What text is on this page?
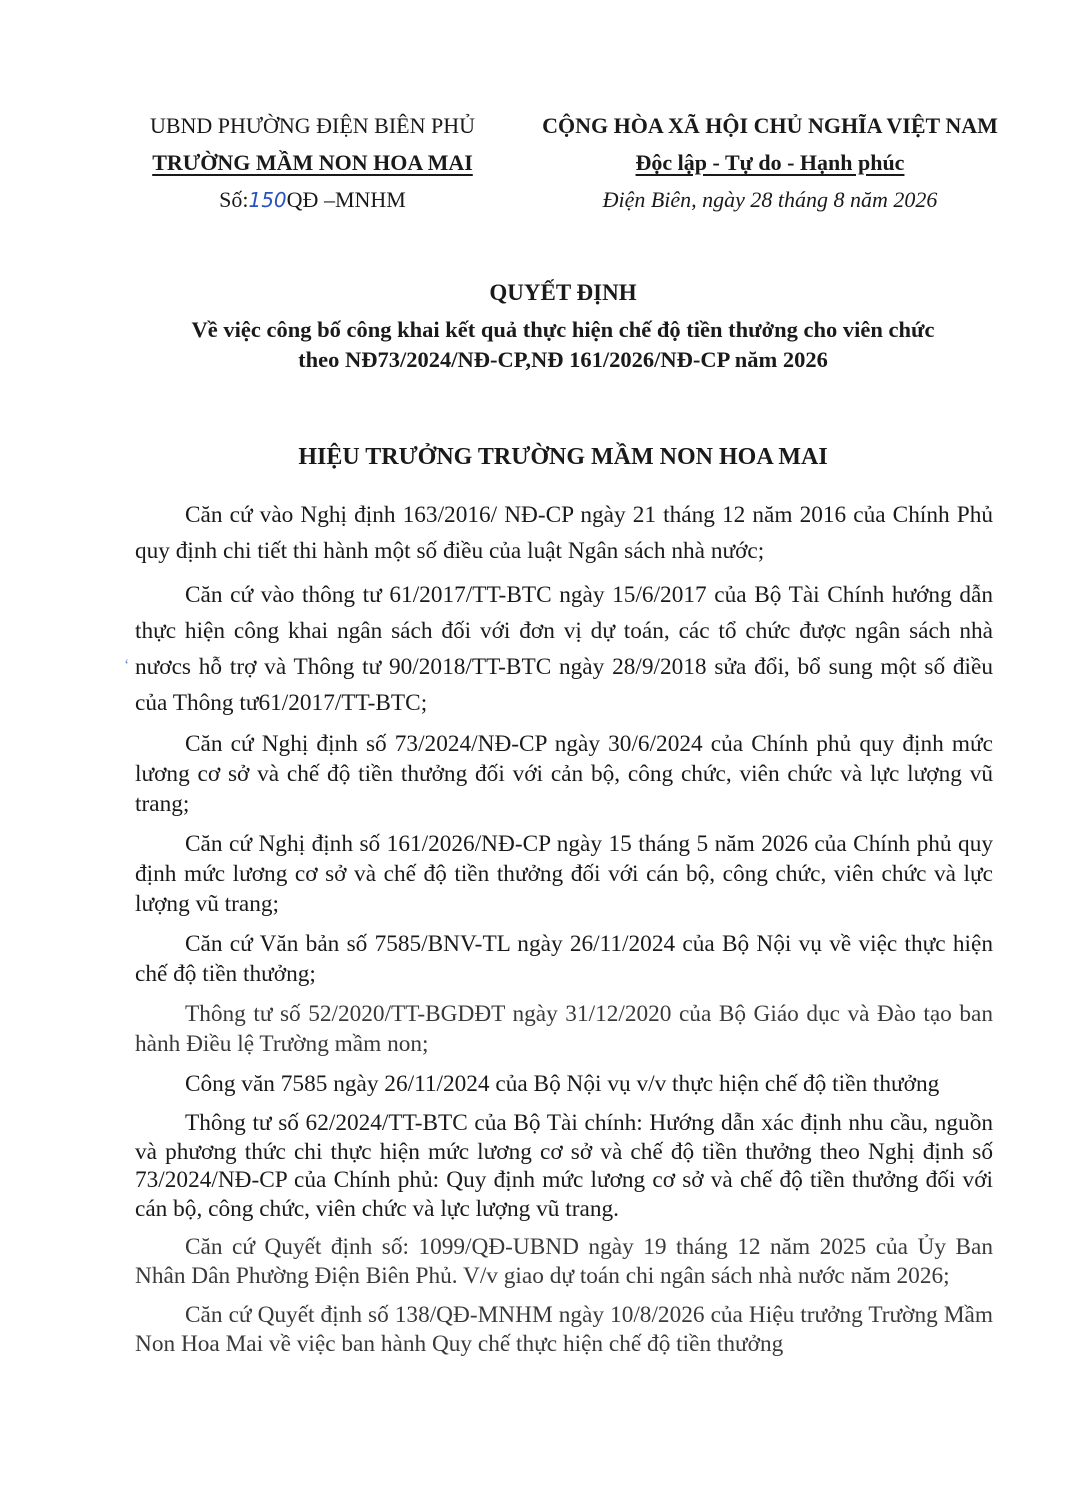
UBND PHƯỜNG ĐIỆN BIÊN PHỦ
TRƯỜNG MẦM NON HOA MAI
Số:150QĐ –MNHM
CỘNG HÒA XÃ HỘI CHỦ NGHĨA VIỆT NAM
Độc lập - Tự do - Hạnh phúc
Điện Biên, ngày 28 tháng 8 năm 2026
QUYẾT ĐỊNH
Về việc công bố công khai kết quả thực hiện chế độ tiền thưởng cho viên chức
theo NĐ73/2024/NĐ-CP,NĐ 161/2026/NĐ-CP năm 2026
HIỆU TRƯỞNG TRƯỜNG MẦM NON HOA MAI
‘

Căn cứ vào Nghị định 163/2016/ NĐ-CP ngày 21 tháng 12 năm 2016 của Chính Phủ quy định chi tiết thi hành một số điều của luật Ngân sách nhà nước;

Căn cứ vào thông tư 61/2017/TT-BTC ngày 15/6/2017 của Bộ Tài Chính hướng dẫn thực hiện công khai ngân sách đối với đơn vị dự toán, các tổ chức được ngân sách nhà nươcs hỗ trợ và Thông tư 90/2018/TT-BTC ngày 28/9/2018 sửa đổi, bổ sung một số điều của Thông tư61/2017/TT-BTC;

Căn cứ Nghị định số 73/2024/NĐ-CP ngày 30/6/2024 của Chính phủ quy định mức lương cơ sở và chế độ tiền thưởng đối với cản bộ, công chức, viên chức và lực lượng vũ trang;

Căn cứ Nghị định số 161/2026/NĐ-CP ngày 15 tháng 5 năm 2026 của Chính phủ quy định mức lương cơ sở và chế độ tiền thưởng đối với cán bộ, công chức, viên chức và lực lượng vũ trang;

Căn cứ Văn bản số 7585/BNV-TL ngày 26/11/2024 của Bộ Nội vụ về việc thực hiện chế độ tiền thưởng;

Thông tư số 52/2020/TT-BGDĐT ngày 31/12/2020 của Bộ Giáo dục và Đào tạo ban hành Điều lệ Trường mầm non;

Công văn 7585 ngày 26/11/2024 của Bộ Nội vụ v/v thực hiện chế độ tiền thưởng

Thông tư số 62/2024/TT-BTC của Bộ Tài chính: Hướng dẫn xác định nhu cầu, nguồn và phương thức chi thực hiện mức lương cơ sở và chế độ tiền thưởng theo Nghị định số 73/2024/NĐ-CP của Chính phủ: Quy định mức lương cơ sở và chế độ tiền thưởng đối với cán bộ, công chức, viên chức và lực lượng vũ trang.

Căn cứ Quyết định số: 1099/QĐ-UBND ngày 19 tháng 12 năm 2025 của Ủy Ban Nhân Dân Phường Điện Biên Phủ. V/v giao dự toán chi ngân sách nhà nước năm 2026;

Căn cứ Quyết định số 138/QĐ-MNHM ngày 10/8/2026 của Hiệu trưởng Trường Mầm Non Hoa Mai về việc ban hành Quy chế thực hiện chế độ tiền thưởng
